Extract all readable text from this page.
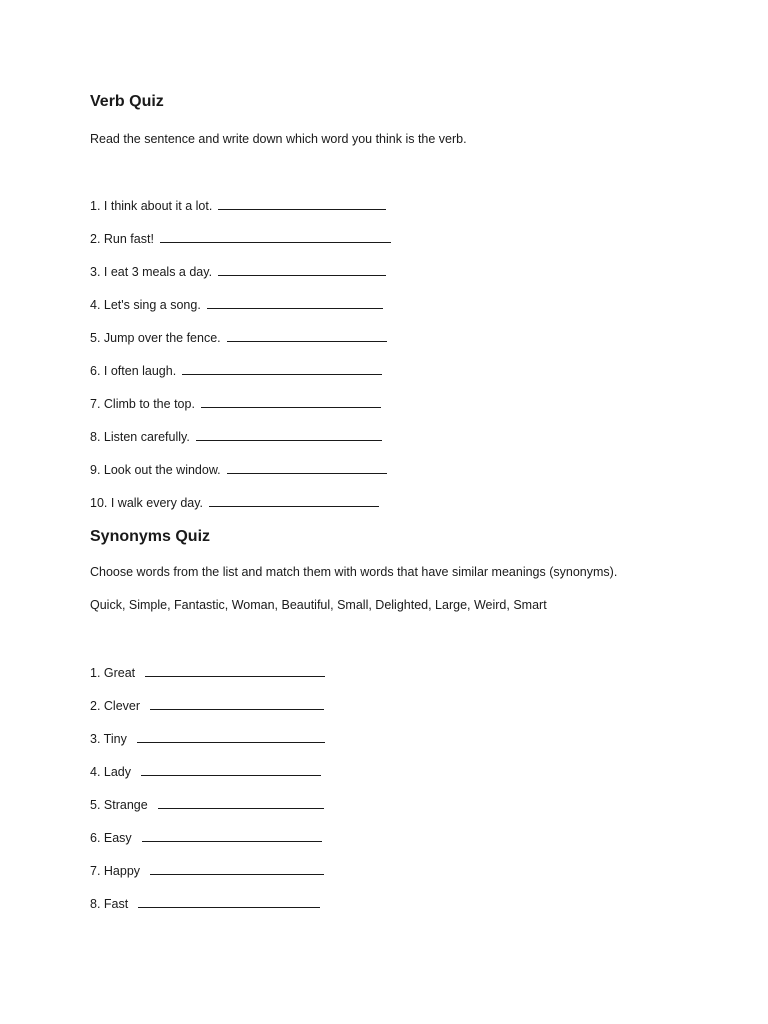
Verb Quiz
Read the sentence and write down which word you think is the verb.
1. I think about it a lot.
2. Run fast!
3. I eat 3 meals a day.
4. Let's sing a song.
5. Jump over the fence.
6. I often laugh.
7. Climb to the top.
8. Listen carefully.
9. Look out the window.
10. I walk every day.
Synonyms Quiz
Choose words from the list and match them with words that have similar meanings (synonyms).
Quick, Simple, Fantastic, Woman, Beautiful, Small, Delighted, Large, Weird, Smart
1. Great
2. Clever
3. Tiny
4. Lady
5. Strange
6. Easy
7. Happy
8. Fast
